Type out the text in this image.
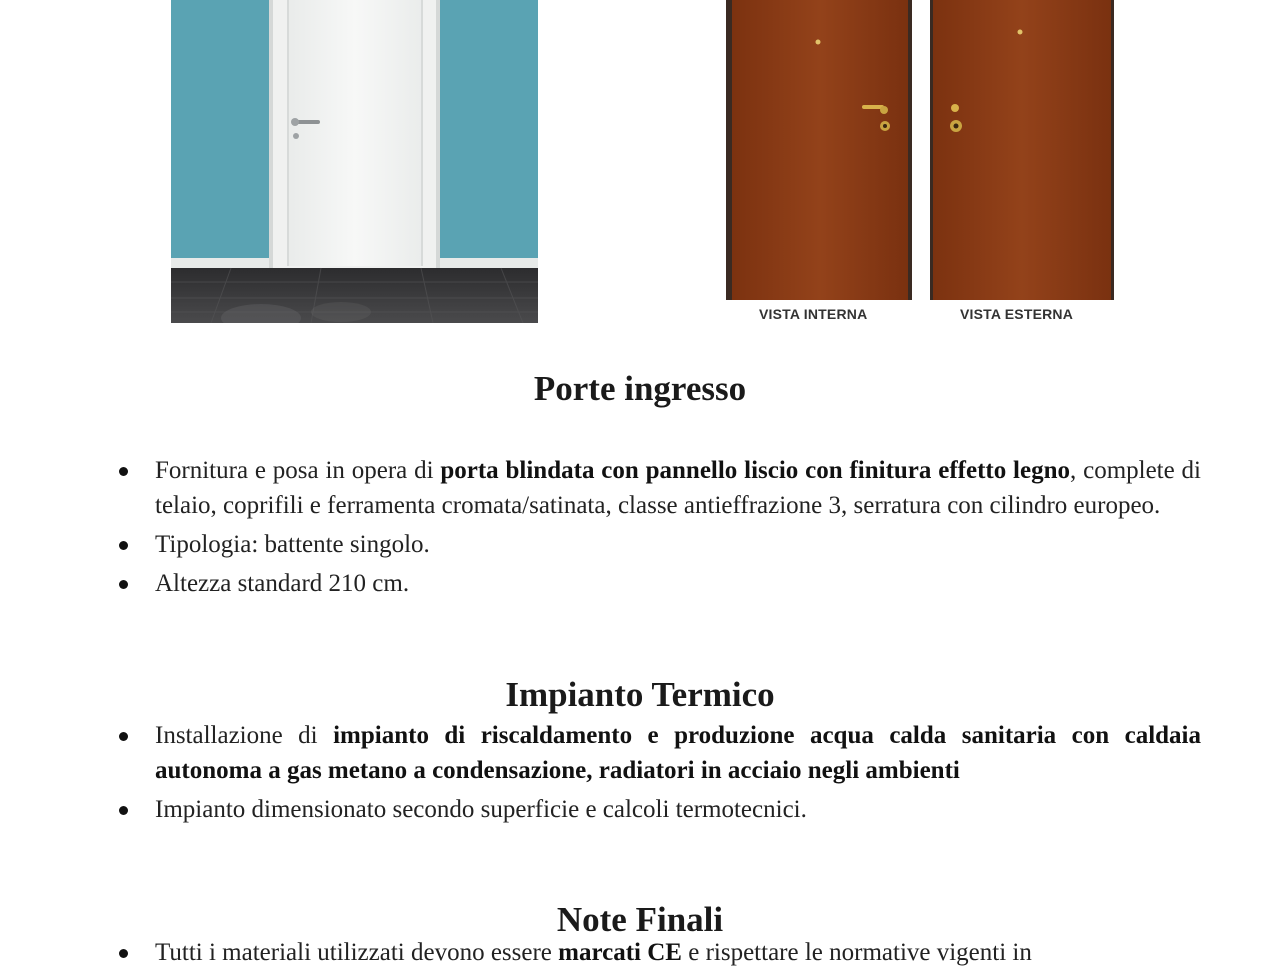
VISTA INTERNA	VISTA ESTERNA
Porte ingresso
Fornitura e posa in opera di porta blindata con pannello liscio con finitura effetto legno, complete di telaio, coprifili e ferramenta cromata/satinata, classe antieffrazione 3, serratura con cilindro europeo.
Tipologia: battente singolo.
Altezza standard 210 cm.
Impianto Termico
Installazione di impianto di riscaldamento e produzione acqua calda sanitaria con caldaia autonoma a gas metano a condensazione, radiatori in acciaio negli ambienti
Impianto dimensionato secondo superficie e calcoli termotecnici.
Note Finali
Tutti i materiali utilizzati devono essere marcati CE e rispettare le normative vigenti in
